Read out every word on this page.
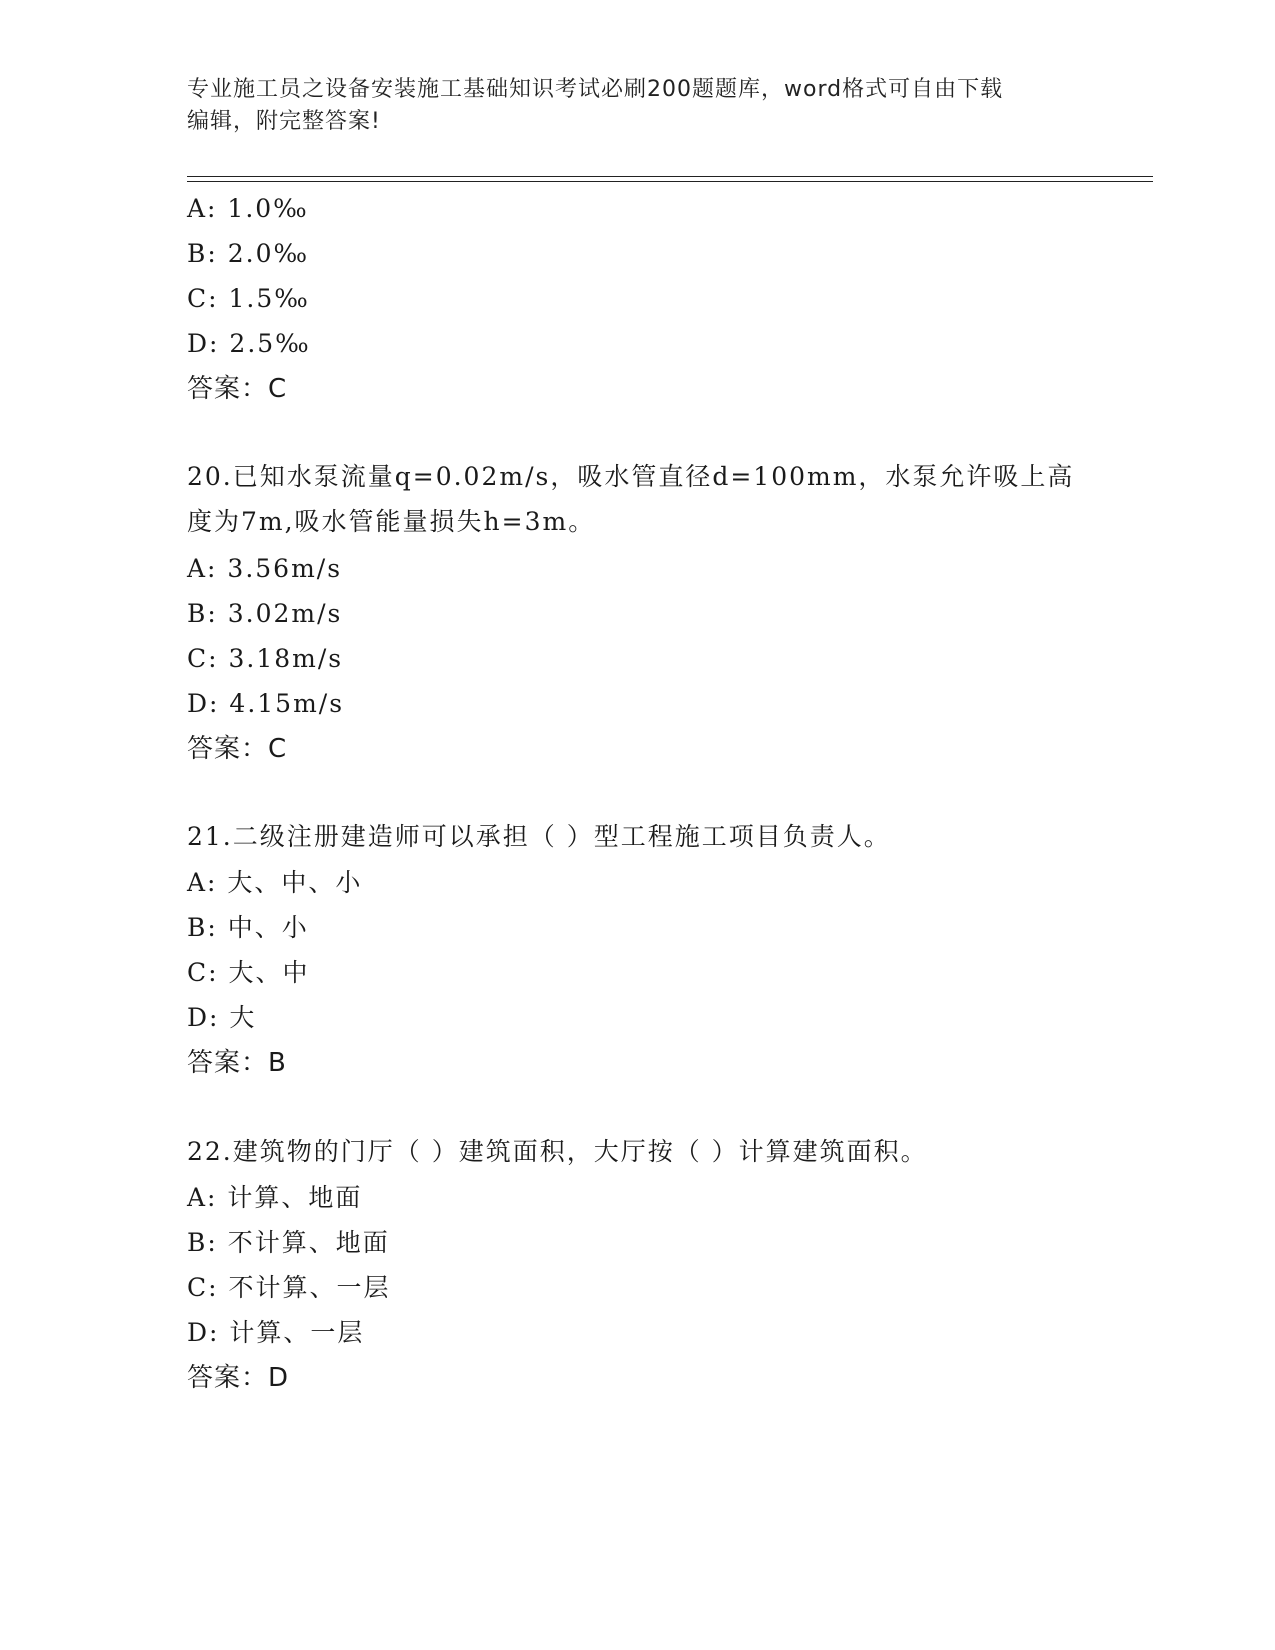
专业施工员之设备安装施工基础知识考试必刷200题题库，word格式可自由下载
编辑，附完整答案!
A: 1.0‰
B: 2.0‰
C: 1.5‰
D: 2.5‰
答案：C
20.已知水泵流量q=0.02m/s，吸水管直径d=100mm，水泵允许吸上高
度为7m,吸水管能量损失h=3m。
A: 3.56m/s
B: 3.02m/s
C: 3.18m/s
D: 4.15m/s
答案：C
21.二级注册建造师可以承担（ ）型工程施工项目负责人。
A: 大、中、小
B: 中、小
C: 大、中
D: 大
答案：B
22.建筑物的门厅（ ）建筑面积，大厅按（ ）计算建筑面积。
A: 计算、地面
B: 不计算、地面
C: 不计算、一层
D: 计算、一层
答案：D
